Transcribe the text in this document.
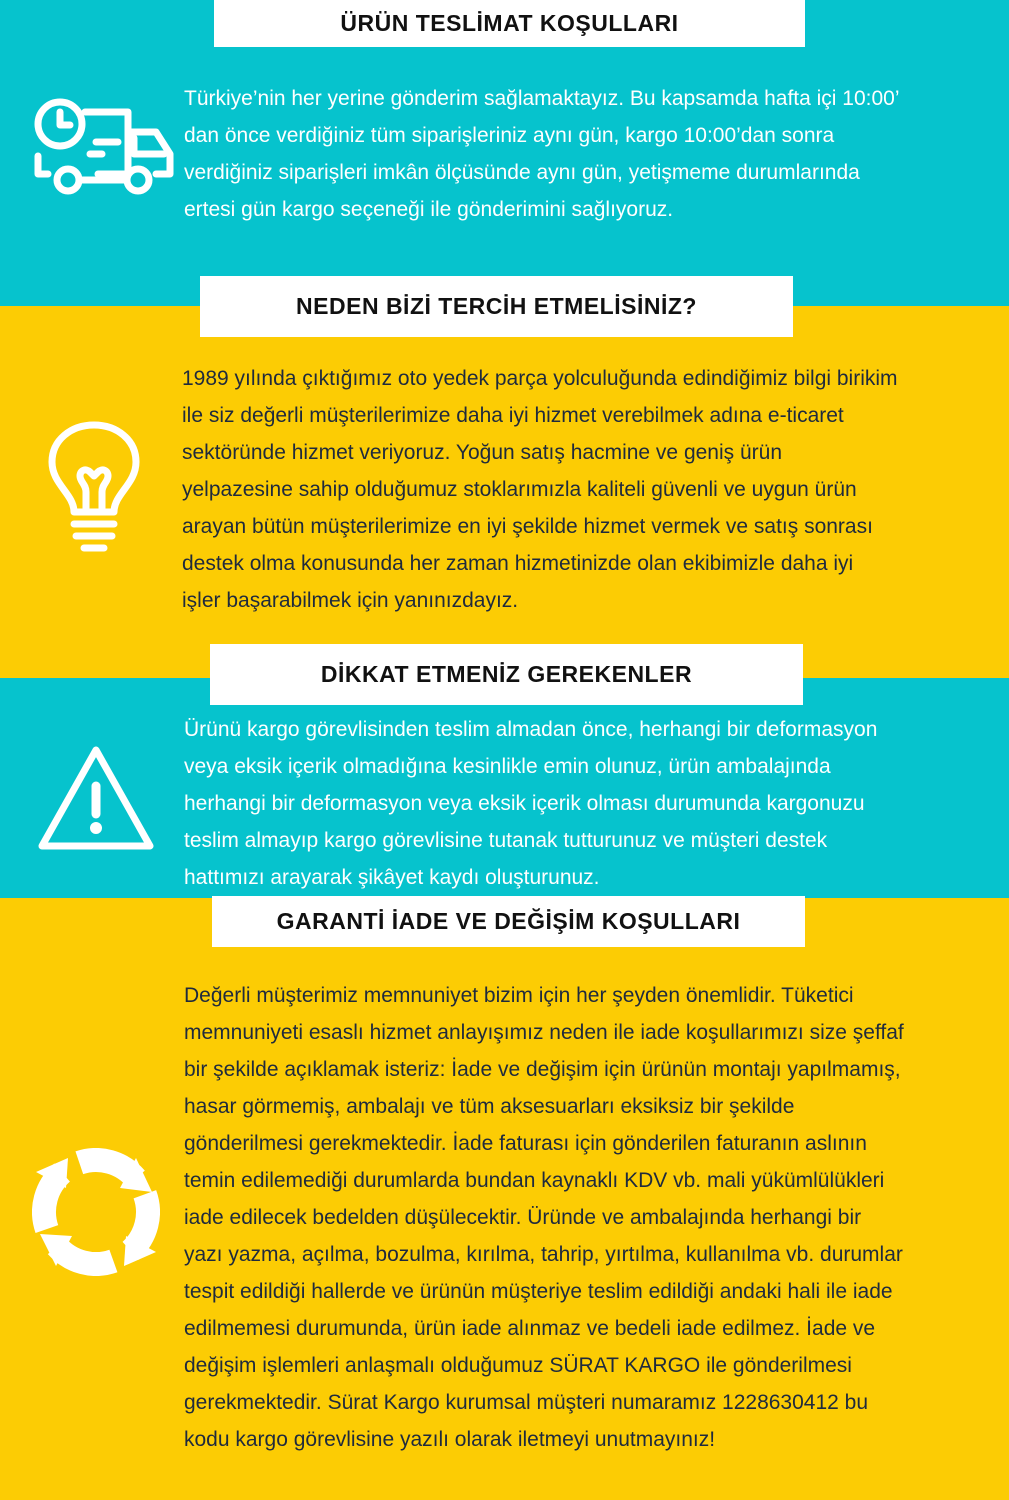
ÜRÜN TESLİMAT KOŞULLARI

Türkiye’nin her yerine gönderim sağlamaktayız. Bu kapsamda hafta içi 10:00’

dan önce verdiğiniz tüm siparişleriniz aynı gün, kargo 10:00’dan sonra

verdiğiniz siparişleri imkân ölçüsünde aynı gün, yetişmeme durumlarında

ertesi gün kargo seçeneği ile gönderimini sağlıyoruz.

NEDEN BİZİ TERCİH ETMELİSİNİZ?

1989 yılında çıktığımız oto yedek parça yolculuğunda edindiğimiz bilgi birikim

ile siz değerli müşterilerimize daha iyi hizmet verebilmek adına e-ticaret

sektöründe hizmet veriyoruz. Yoğun satış hacmine ve geniş ürün

yelpazesine sahip olduğumuz stoklarımızla kaliteli güvenli ve uygun ürün

arayan bütün müşterilerimize en iyi şekilde hizmet vermek ve satış sonrası

destek olma konusunda her zaman hizmetinizde olan ekibimizle daha iyi

işler başarabilmek için yanınızdayız.

DİKKAT ETMENİZ GEREKENLER

Ürünü kargo görevlisinden teslim almadan önce, herhangi bir deformasyon

veya eksik içerik olmadığına kesinlikle emin olunuz, ürün ambalajında

herhangi bir deformasyon veya eksik içerik olması durumunda kargonuzu

teslim almayıp kargo görevlisine tutanak tutturunuz ve müşteri destek

hattımızı arayarak şikâyet kaydı oluşturunuz.

GARANTİ İADE VE DEĞİŞİM KOŞULLARI

Değerli müşterimiz memnuniyet bizim için her şeyden önemlidir. Tüketici

memnuniyeti esaslı hizmet anlayışımız neden ile iade koşullarımızı size şeffaf

bir şekilde açıklamak isteriz: İade ve değişim için ürünün montajı yapılmamış,

hasar görmemiş, ambalajı ve tüm aksesuarları eksiksiz bir şekilde

gönderilmesi gerekmektedir. İade faturası için gönderilen faturanın aslının

temin edilemediği durumlarda bundan kaynaklı KDV vb. mali yükümlülükleri

iade edilecek bedelden düşülecektir. Üründe ve ambalajında herhangi bir

yazı yazma, açılma, bozulma, kırılma, tahrip, yırtılma, kullanılma vb. durumlar

tespit edildiği hallerde ve ürünün müşteriye teslim edildiği andaki hali ile iade

edilmemesi durumunda, ürün iade alınmaz ve bedeli iade edilmez. İade ve

değişim işlemleri anlaşmalı olduğumuz SÜRAT KARGO ile gönderilmesi

gerekmektedir. Sürat Kargo kurumsal müşteri numaramız 1228630412 bu

kodu kargo görevlisine yazılı olarak iletmeyi unutmayınız!
